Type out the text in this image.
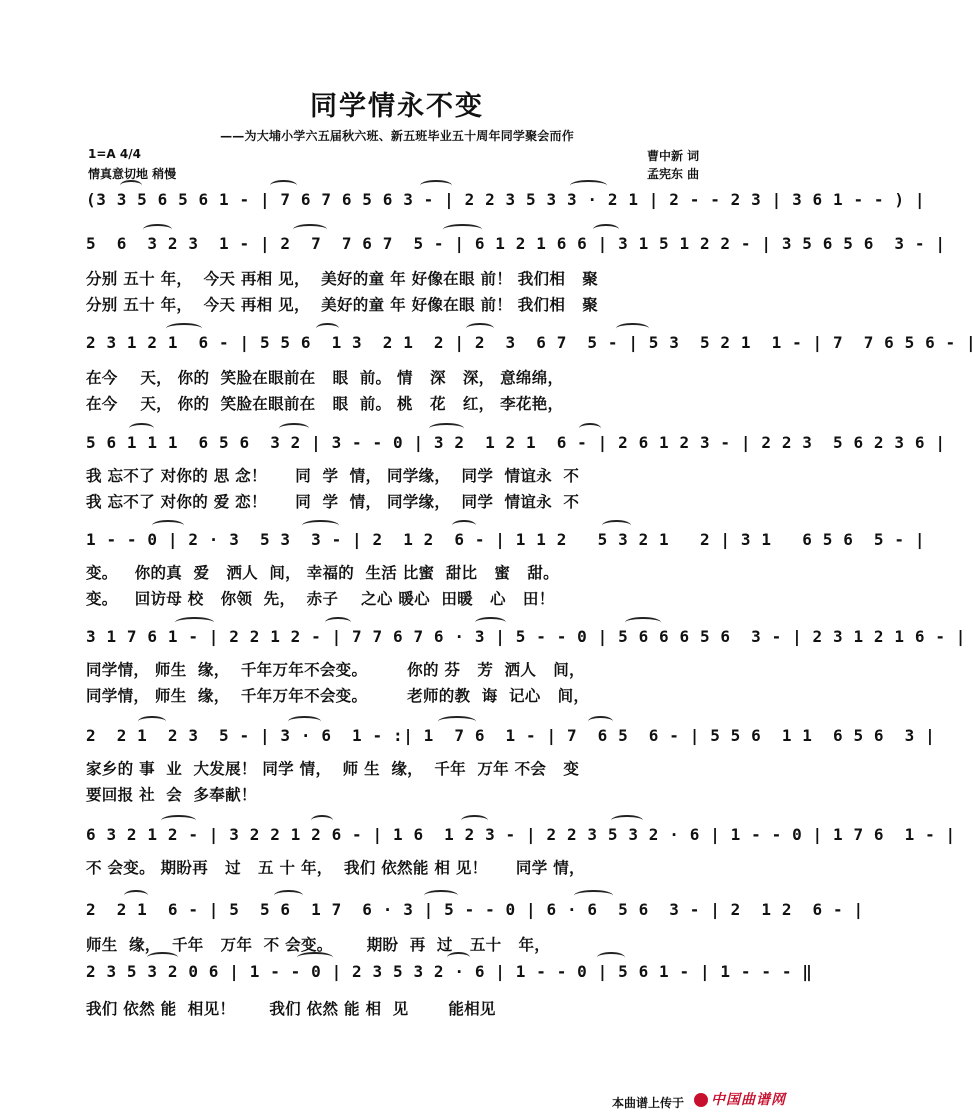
同学情永不变
——为大埔小学六五届秋六班、新五班毕业五十周年同学聚会而作
1=A 4/4
情真意切地 稍慢
曹中新 词
孟宪东 曲
(3 3 5 6 5 6 1 - | 7 6 7 6 5 6 3 - | 2 2 3 5 3 3 · 2 1 | 2 - - 2 3 | 3 6 1 - - ) |
5  6  3 2 3  1 - | 2  7  7 6 7  5 - | 6 1 2 1 6 6 | 3 1 5 1 2 2 - | 3 5 6 5 6  3 - |
分别 五十 年，  今天 再相 见，  美好的童 年 好像在眼 前！ 我们相   聚
分别 五十 年，  今天 再相 见，  美好的童 年 好像在眼 前！ 我们相   聚
2 3 1 2 1  6 - | 5 5 6  1 3  2 1  2 | 2  3  6 7  5 - | 5 3  5 2 1  1 - | 7  7 6 5 6 - |
在今    天， 你的  笑脸在眼前在   眼  前。 情   深   深， 意绵绵，
在今    天， 你的  笑脸在眼前在   眼  前。 桃   花   红， 李花艳，
5 6 1 1 1  6 5 6  3 2 | 3 - - 0 | 3 2  1 2 1  6 - | 2 6 1 2 3 - | 2 2 3  5 6 2 3 6 |
我 忘不了 对你的 思 念！     同  学  情， 同学缘，  同学  情谊永  不
我 忘不了 对你的 爱 恋！     同  学  情， 同学缘，  同学  情谊永  不
1 - - 0 | 2 · 3  5 3  3 - | 2  1 2  6 - | 1 1 2   5 3 2 1   2 | 3 1   6 5 6  5 - |
变。   你的真  爱   洒人  间， 幸福的  生活 比蜜  甜比   蜜   甜。
变。   回访母 校   你领  先，  赤子    之心 暖心  田暖   心   田！
3 1 7 6 1 - | 2 2 1 2 - | 7 7 6 7 6 · 3 | 5 - - 0 | 5 6 6 6 5 6  3 - | 2 3 1 2 1 6 - |
同学情， 师生  缘，  千年万年不会变。       你的 芬   芳  洒人   间，
同学情， 师生  缘，  千年万年不会变。       老师的教  诲  记心   间，
2  2 1  2 3  5 - | 3 · 6  1 - :| 1  7 6  1 - | 7  6 5  6 - | 5 5 6  1 1  6 5 6  3 |
家乡的 事  业  大发展！ 同学 情，  师 生  缘，  千年  万年 不会   变
要回报 社  会  多奉献！
6 3 2 1 2 - | 3 2 2 1 2 6 - | 1 6  1 2 3 - | 2 2 3 5 3 2 · 6 | 1 - - 0 | 1 7 6  1 - |
不 会变。 期盼再   过   五 十 年，  我们 依然能 相 见！     同学 情，
2  2 1  6 - | 5  5 6  1 7  6 · 3 | 5 - - 0 | 6 · 6  5 6  3 - | 2  1 2  6 - |
师生  缘，  千年   万年  不 会变。      期盼  再  过   五十   年，
2 3 5 3 2 0 6 | 1 - - 0 | 2 3 5 3 2 · 6 | 1 - - 0 | 5 6 1 - | 1 - - - ‖
我们 依然 能  相见！      我们 依然 能 相  见       能相见
本曲谱上传于	中国曲谱网
